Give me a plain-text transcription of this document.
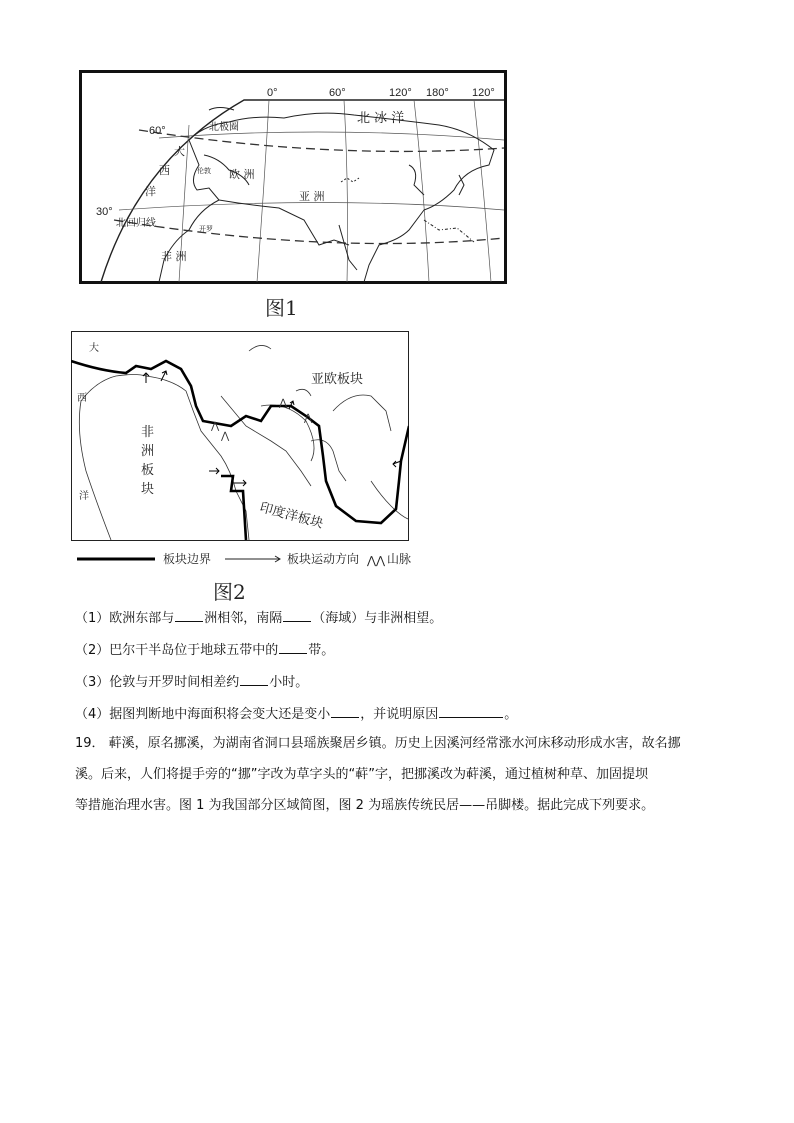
0°	60°	120° 180° 120°
60°
30°
北 冰 洋
北极圈
大
西
洋
伦敦 欧 洲
亚 洲
北回归线	开罗
非 洲
图1
⋀
⋀
⋀
⋀
大
西
洋
亚欧板块
非
洲
板
块
印度洋板块
板块边界	板块运动方向 ⋀⋀ 山脉
图2
（1）欧洲东部与 洲相邻，南隔 （海域）与非洲相望。
（2）巴尔干半岛位于地球五带中的 带。
（3）伦敦与开罗时间相差约 小时。
（4）据图判断地中海面积将会变大还是变小 ，并说明原因	。
19． 蓒溪，原名挪溪，为湖南省洞口县瑶族聚居乡镇。历史上因溪河经常涨水河床移动形成水害，故名挪
溪。后来，人们将提手旁的“挪”字改为草字头的“蓒”字，把挪溪改为蓒溪，通过植树种草、加固提坝
等措施治理水害。图 1 为我国部分区域简图，图 2 为瑶族传统民居——吊脚楼。据此完成下列要求。
